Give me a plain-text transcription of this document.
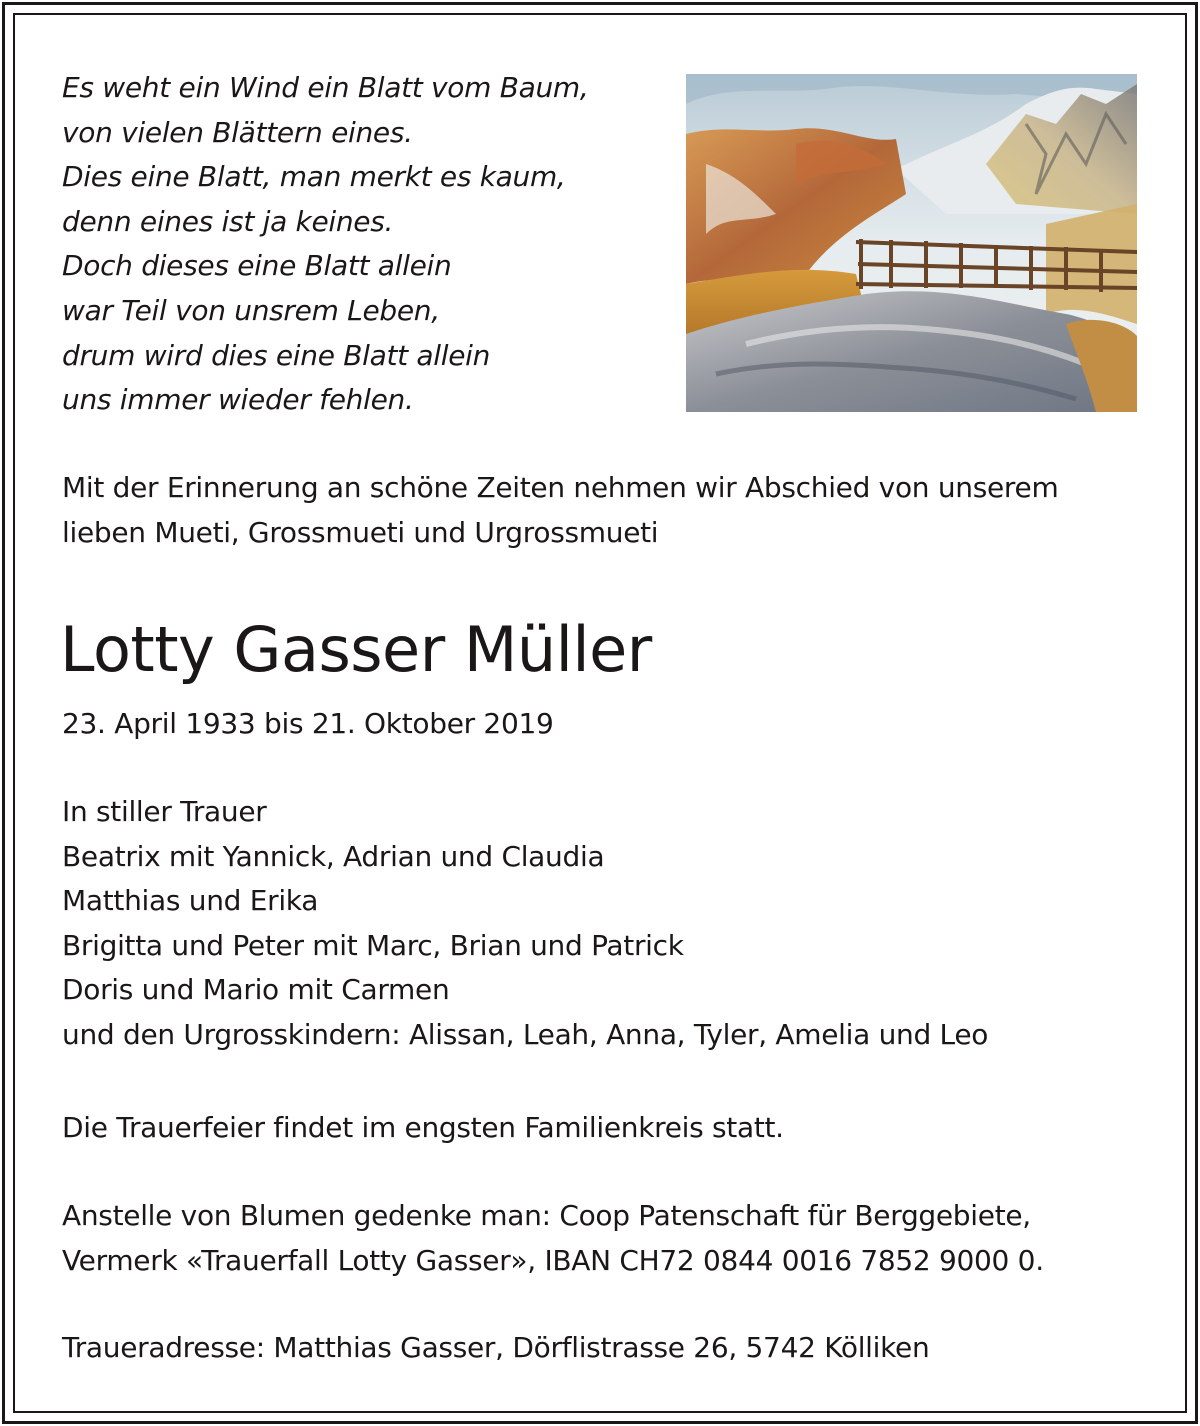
Es weht ein Wind ein Blatt vom Baum,
von vielen Blättern eines.
Dies eine Blatt, man merkt es kaum,
denn eines ist ja keines.
Doch dieses eine Blatt allein
war Teil von unsrem Leben,
drum wird dies eine Blatt allein
uns immer wieder fehlen.
Mit der Erinnerung an schöne Zeiten nehmen wir Abschied von unserem lieben Mueti, Grossmueti und Urgrossmueti
Lotty Gasser Müller
23. April 1933 bis 21. Oktober 2019
In stiller Trauer
Beatrix mit Yannick, Adrian und Claudia
Matthias und Erika
Brigitta und Peter mit Marc, Brian und Patrick
Doris und Mario mit Carmen
und den Urgrosskindern: Alissan, Leah, Anna, Tyler, Amelia und Leo
Die Trauerfeier findet im engsten Familienkreis statt.
Anstelle von Blumen gedenke man: Coop Patenschaft für Berggebiete,
Vermerk «Trauerfall Lotty Gasser», IBAN CH72 0844 0016 7852 9000 0.
Traueradresse: Matthias Gasser, Dörflistrasse 26, 5742 Kölliken
